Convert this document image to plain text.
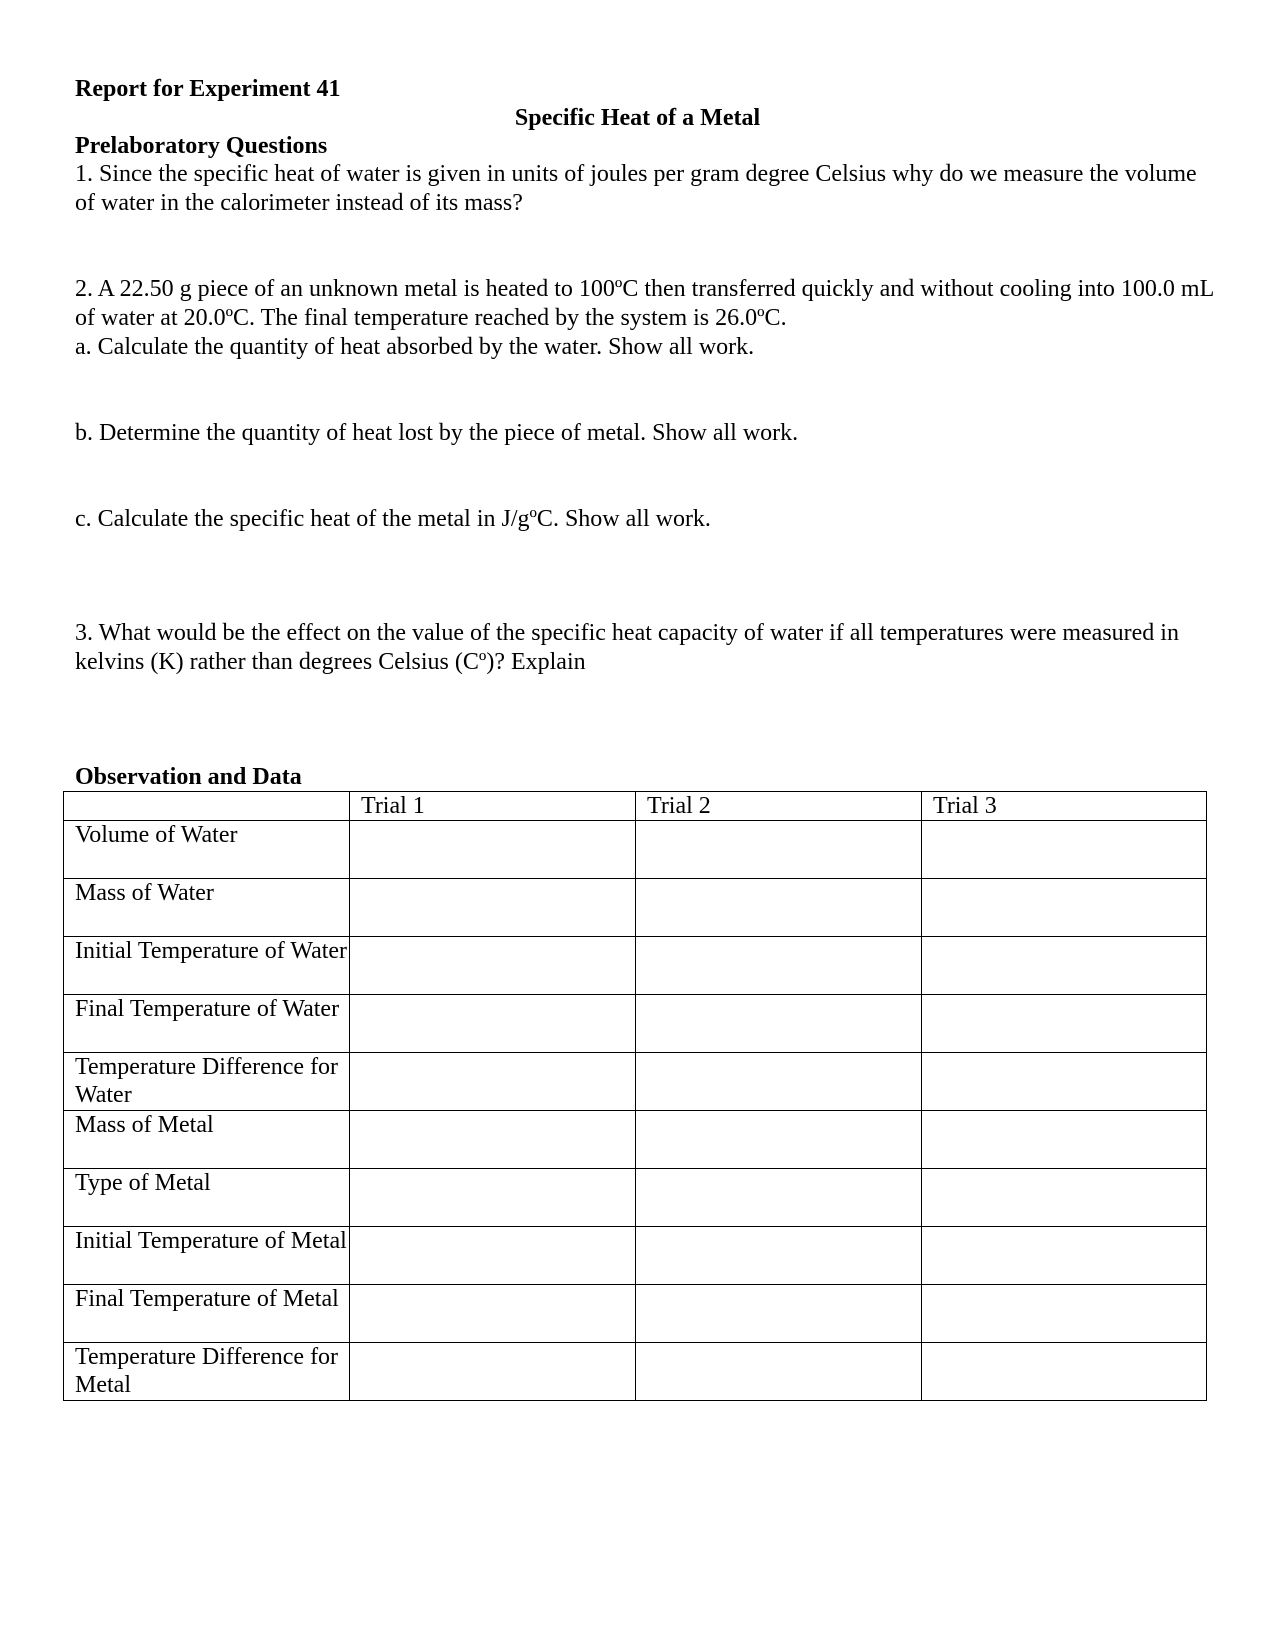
Report for Experiment 41
Specific Heat of a Metal
Prelaboratory Questions
1. Since the specific heat of water is given in units of joules per gram degree Celsius why do we measure the volume of water in the calorimeter instead of its mass?
2. A 22.50 g piece of an unknown metal is heated to 100ºC then transferred quickly and without cooling into 100.0 mL of water at 20.0ºC. The final temperature reached by the system is 26.0ºC.
a. Calculate the quantity of heat absorbed by the water. Show all work.
b. Determine the quantity of heat lost by the piece of metal. Show all work.
c. Calculate the specific heat of the metal in J/gºC. Show all work.
3. What would be the effect on the value of the specific heat capacity of water if all temperatures were measured in kelvins (K) rather than degrees Celsius (Cº)? Explain
Observation and Data
	Trial 1	Trial 2	Trial 3
Volume of Water			
Mass of Water			
Initial Temperature of Water			
Final Temperature of Water			
Temperature Difference for Water			
Mass of Metal			
Type of Metal			
Initial Temperature of Metal			
Final Temperature of Metal			
Temperature Difference for Metal			
